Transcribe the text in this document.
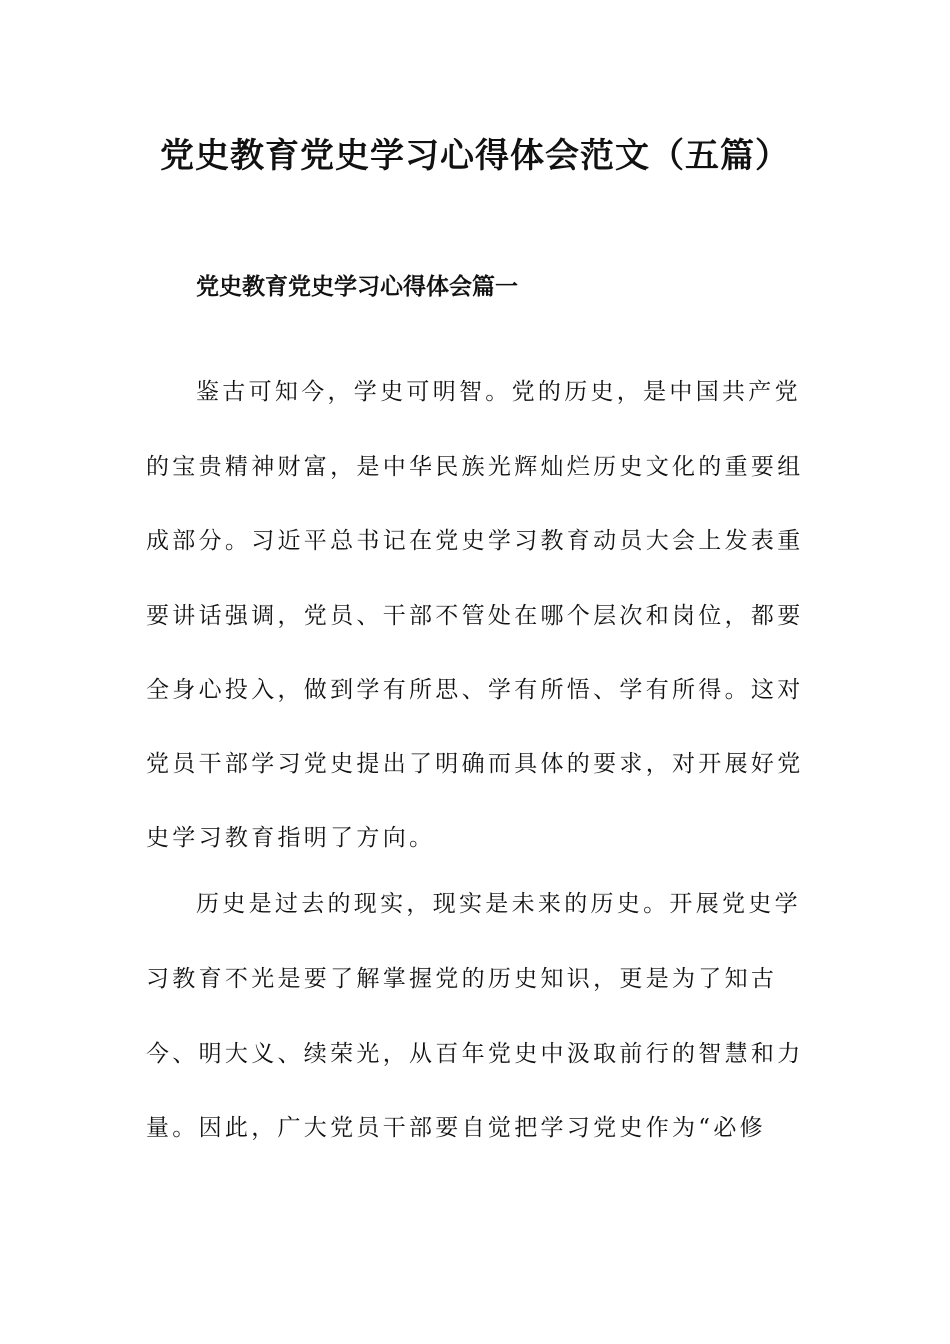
党史教育党史学习心得体会范文（五篇）
党史教育党史学习心得体会篇一
鉴古可知今，学史可明智。党的历史，是中国共产党
的宝贵精神财富，是中华民族光辉灿烂历史文化的重要组
成部分。习近平总书记在党史学习教育动员大会上发表重
要讲话强调，党员、干部不管处在哪个层次和岗位，都要
全身心投入，做到学有所思、学有所悟、学有所得。这对
党员干部学习党史提出了明确而具体的要求，对开展好党
史学习教育指明了方向。
历史是过去的现实，现实是未来的历史。开展党史学
习教育不光是要了解掌握党的历史知识，更是为了知古
今、明大义、续荣光，从百年党史中汲取前行的智慧和力
量。因此，广大党员干部要自觉把学习党史作为“必修
